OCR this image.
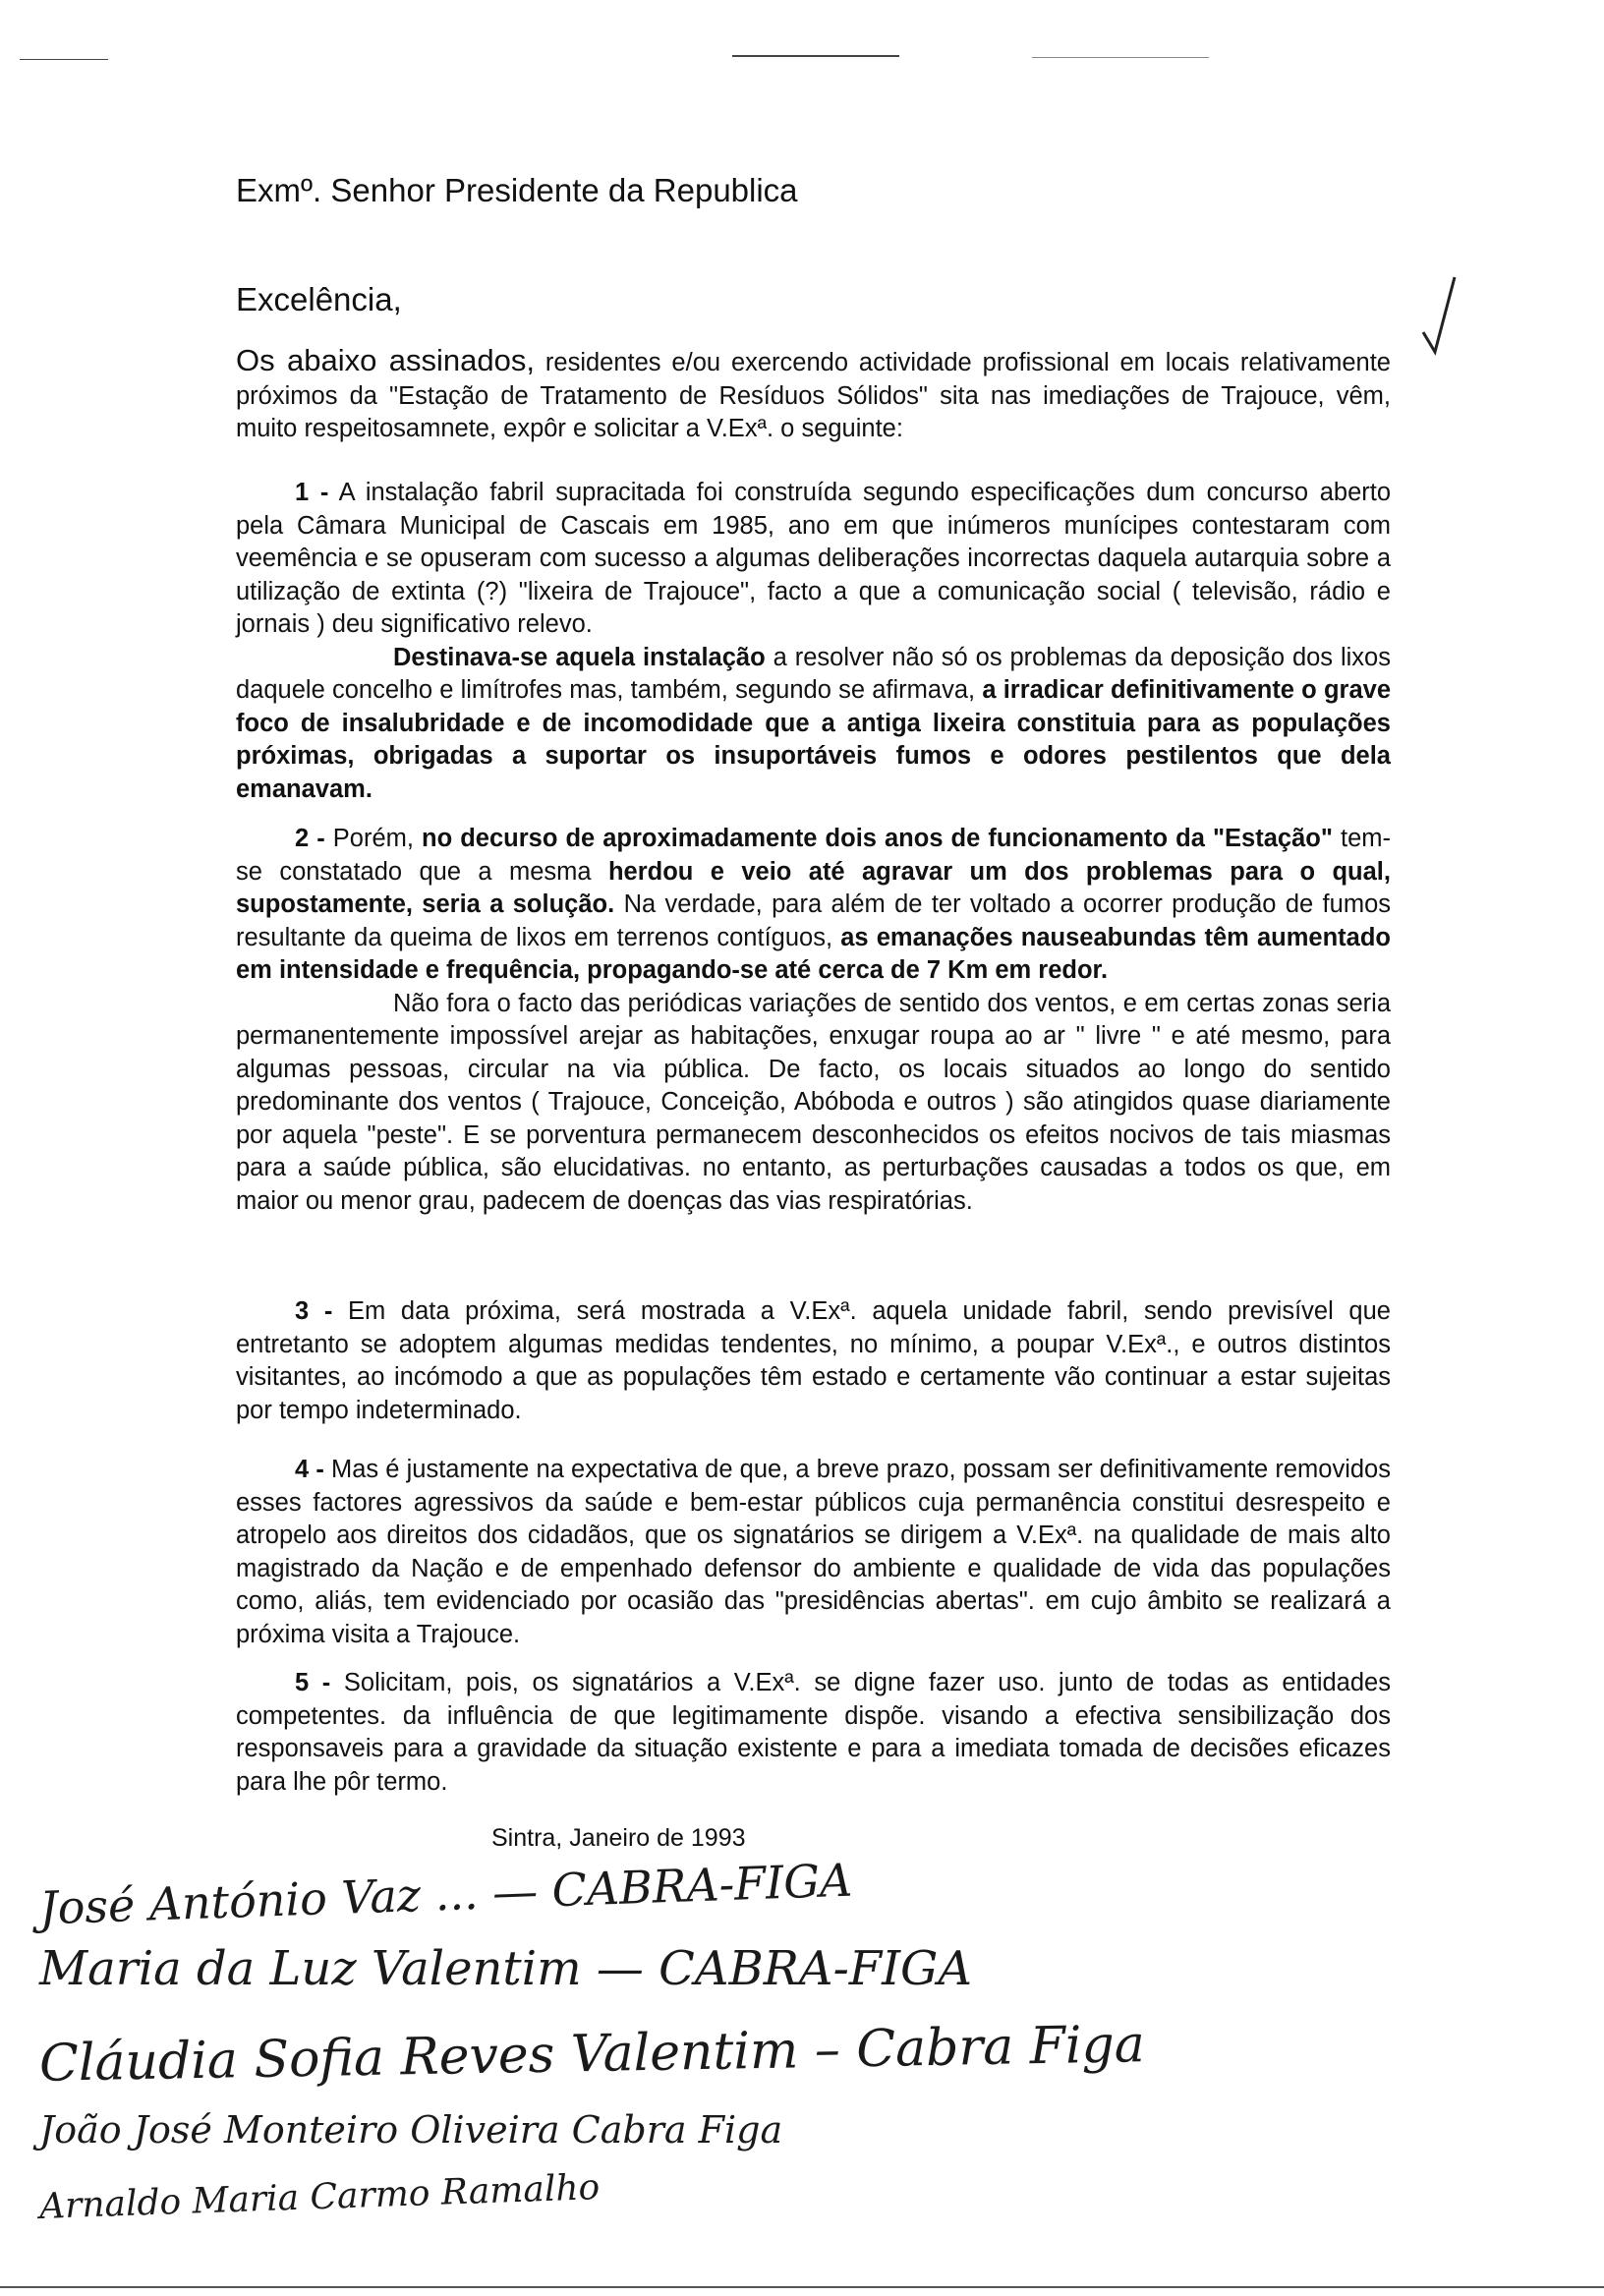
Exmº. Senhor Presidente da Republica
Excelência,

Os abaixo assinados, residentes e/ou exercendo actividade profissional em locais relativamente próximos da "Estação de Tratamento de Resíduos Sólidos" sita nas imediações de Trajouce, vêm, muito respeitosamnete, expôr e solicitar a V.Exª. o seguinte:

1 - A instalação fabril supracitada foi construída segundo especificações dum concurso aberto pela Câmara Municipal de Cascais em 1985, ano em que inúmeros munícipes contestaram com veemência e se opuseram com sucesso a algumas deliberações incorrectas daquela autarquia sobre a utilização de extinta (?) "lixeira de Trajouce", facto a que a comunicação social ( televisão, rádio e jornais ) deu significativo relevo.

Destinava-se aquela instalação a resolver não só os problemas da deposição dos lixos daquele concelho e limítrofes mas, também, segundo se afirmava, a irradicar definitivamente o grave foco de insalubridade e de incomodidade que a antiga lixeira constituia para as populações próximas, obrigadas a suportar os insuportáveis fumos e odores pestilentos que dela emanavam.

2 - Porém, no decurso de aproximadamente dois anos de funcionamento da "Estação" tem-se constatado que a mesma herdou e veio até agravar um dos problemas para o qual, supostamente, seria a solução. Na verdade, para além de ter voltado a ocorrer produção de fumos resultante da queima de lixos em terrenos contíguos, as emanações nauseabundas têm aumentado em intensidade e frequência, propagando-se até cerca de 7 Km em redor.

Não fora o facto das periódicas variações de sentido dos ventos, e em certas zonas seria permanentemente impossível arejar as habitações, enxugar roupa ao ar " livre " e até mesmo, para algumas pessoas, circular na via pública. De facto, os locais situados ao longo do sentido predominante dos ventos ( Trajouce, Conceição, Abóboda e outros ) são atingidos quase diariamente por aquela "peste". E se porventura permanecem desconhecidos os efeitos nocivos de tais miasmas para a saúde pública, são elucidativas. no entanto, as perturbações causadas a todos os que, em maior ou menor grau, padecem de doenças das vias respiratórias.

3 - Em data próxima, será mostrada a V.Exª. aquela unidade fabril, sendo previsível que entretanto se adoptem algumas medidas tendentes, no mínimo, a poupar V.Exª., e outros distintos visitantes, ao incómodo a que as populações têm estado e certamente vão continuar a estar sujeitas por tempo indeterminado.

4 - Mas é justamente na expectativa de que, a breve prazo, possam ser definitivamente removidos esses factores agressivos da saúde e bem-estar públicos cuja permanência constitui desrespeito e atropelo aos direitos dos cidadãos, que os signatários se dirigem a V.Exª. na qualidade de mais alto magistrado da Nação e de empenhado defensor do ambiente e qualidade de vida das populações como, aliás, tem evidenciado por ocasião das "presidências abertas". em cujo âmbito se realizará a próxima visita a Trajouce.

5 - Solicitam, pois, os signatários a V.Exª. se digne fazer uso. junto de todas as entidades competentes. da influência de que legitimamente dispõe. visando a efectiva sensibilização dos responsaveis para a gravidade da situação existente e para a imediata tomada de decisões eficazes para lhe pôr termo.

Sintra, Janeiro de 1993
José António Vaz ... — CABRA-FIGA
Maria da Luz Valentim — CABRA-FIGA
Cláudia Sofia Reves Valentim – Cabra Figa
João José Monteiro Oliveira Cabra Figa
Arnaldo Maria Carmo Ramalho
